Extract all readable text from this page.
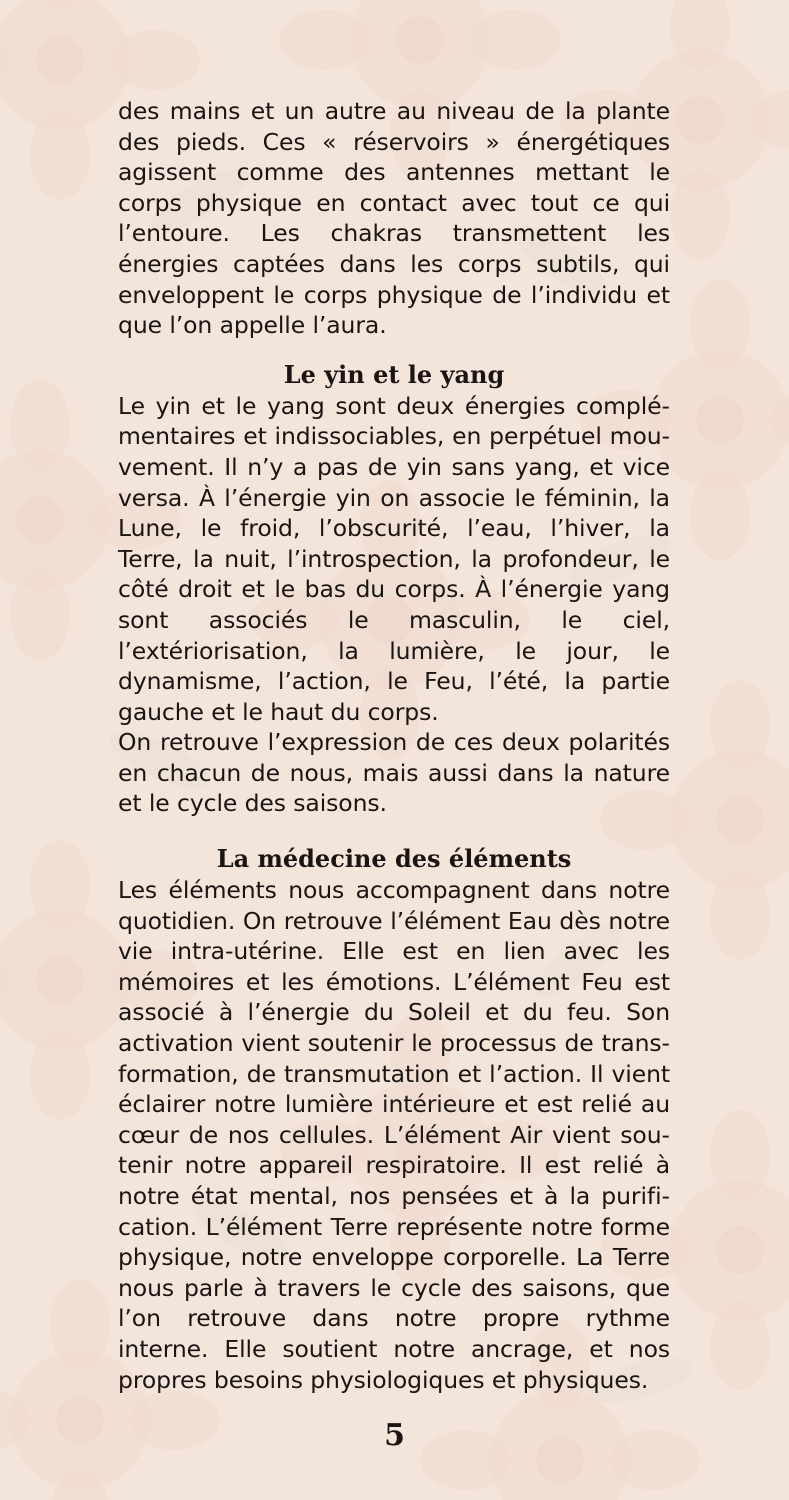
des mains et un autre au niveau de la plante des pieds. Ces « réservoirs » énergétiques agissent comme des antennes mettant le corps physique en contact avec tout ce qui l’entoure. Les chakras transmettent les énergies captées dans les corps subtils, qui enveloppent le corps physique de l’individu et que l’on appelle l’aura.

Le yin et le yang

Le yin et le yang sont deux énergies complémentaires et indissociables, en perpétuel mouvement. Il n’y a pas de yin sans yang, et vice versa. À l’énergie yin on associe le féminin, la Lune, le froid, l’obscurité, l’eau, l’hiver, la Terre, la nuit, l’introspection, la profondeur, le côté droit et le bas du corps. À l’énergie yang sont associés le masculin, le ciel, l’extériorisation, la lumière, le jour, le dynamisme, l’action, le Feu, l’été, la partie gauche et le haut du corps.

On retrouve l’expression de ces deux polarités en chacun de nous, mais aussi dans la nature et le cycle des saisons.

La médecine des éléments

Les éléments nous accompagnent dans notre quotidien. On retrouve l’élément Eau dès notre vie intra-utérine. Elle est en lien avec les mémoires et les émotions. L’élément Feu est associé à l’énergie du Soleil et du feu. Son activation vient soutenir le processus de transformation, de transmutation et l’action. Il vient éclairer notre lumière intérieure et est relié au cœur de nos cellules. L’élément Air vient soutenir notre appareil respiratoire. Il est relié à notre état mental, nos pensées et à la purification. L’élément Terre représente notre forme physique, notre enveloppe corporelle. La Terre nous parle à travers le cycle des saisons, que l’on retrouve dans notre propre rythme interne. Elle soutient notre ancrage, et nos propres besoins physiologiques et physiques.

5
